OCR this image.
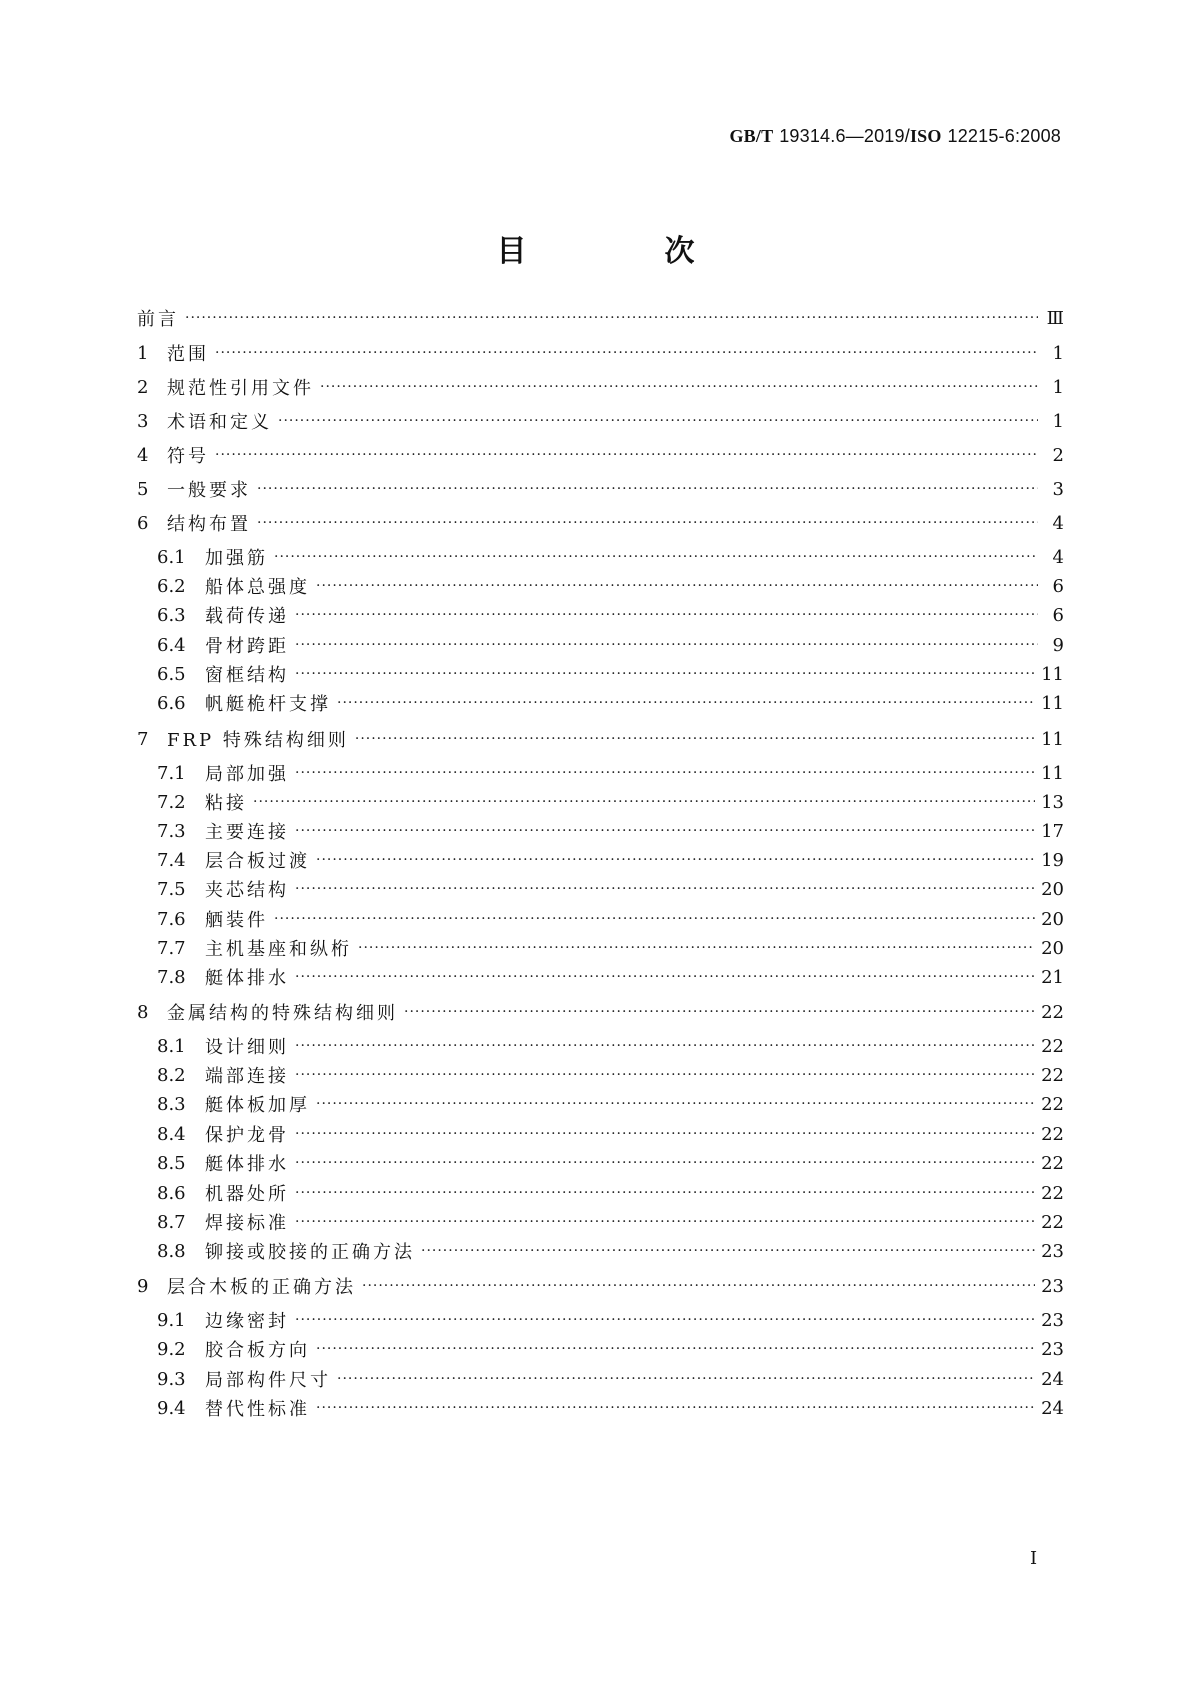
GB/T 19314.6—2019/ISO 12215-6:2008
目　次
前言 ·····	Ⅲ
1	范围 ·····	1
2	规范性引用文件 ·····	1
3	术语和定义 ·····	1
4	符号 ·····	2
5	一般要求 ·····	3
6	结构布置 ·····	4
6.1	加强筋 ·····	4
6.2	船体总强度 ·····	6
6.3	载荷传递 ·····	6
6.4	骨材跨距 ·····	9
6.5	窗框结构 ·····	11
6.6	帆艇桅杆支撑 ·····	11
7	FRP 特殊结构细则 ·····	11
7.1	局部加强 ·····	11
7.2	粘接 ·····	13
7.3	主要连接 ·····	17
7.4	层合板过渡 ·····	19
7.5	夹芯结构 ·····	20
7.6	舾装件 ·····	20
7.7	主机基座和纵桁 ·····	20
7.8	艇体排水 ·····	21
8	金属结构的特殊结构细则 ·····	22
8.1	设计细则 ·····	22
8.2	端部连接 ·····	22
8.3	艇体板加厚 ·····	22
8.4	保护龙骨 ·····	22
8.5	艇体排水 ·····	22
8.6	机器处所 ·····	22
8.7	焊接标准 ·····	22
8.8	铆接或胶接的正确方法 ·····	23
9	层合木板的正确方法 ·····	23
9.1	边缘密封 ·····	23
9.2	胶合板方向 ·····	23
9.3	局部构件尺寸 ·····	24
9.4	替代性标准 ·····	24
I
